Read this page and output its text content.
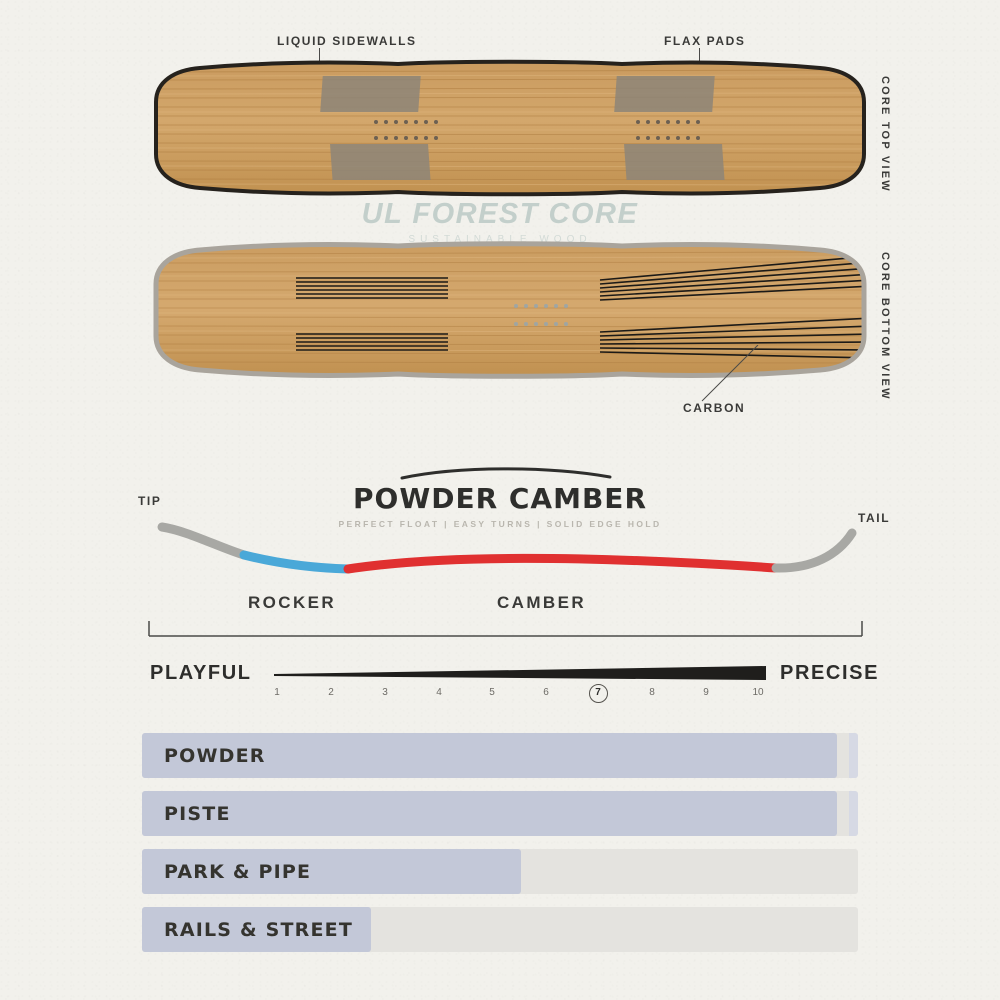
LIQUID SIDEWALLS	FLAX PADS
CORE TOP VIEW
UL FOREST CORE
SUSTAINABLE WOOD
CORE BOTTOM VIEW
CARBON
POWDER CAMBER
PERFECT FLOAT | EASY TURNS | SOLID EDGE HOLD
TIP
TAIL
ROCKER	CAMBER
PLAYFUL	PRECISE
1	2	3	4	5	6	7	8	9	10
POWDER
PISTE
PARK & PIPE
RAILS & STREET
